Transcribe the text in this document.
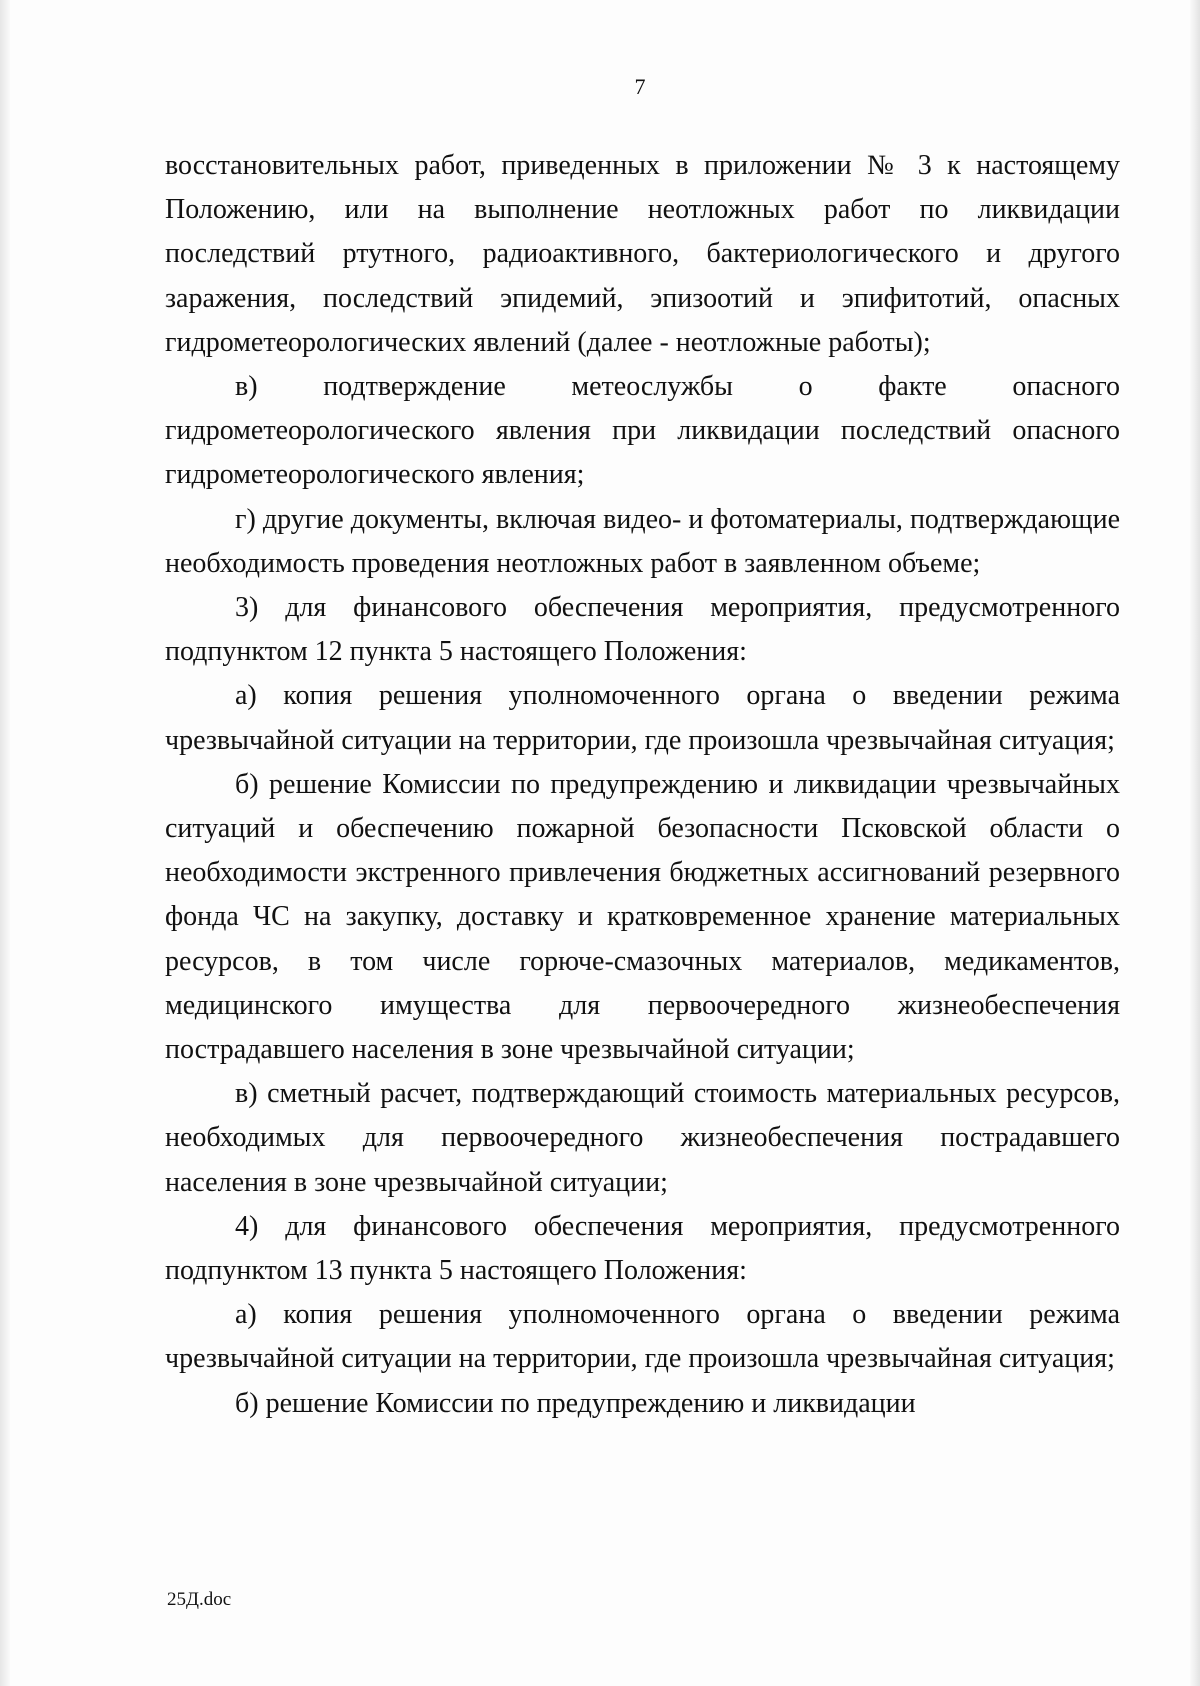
7

восстановительных работ, приведенных в приложении № 3 к настоящему Положению, или на выполнение неотложных работ по ликвидации последствий ртутного, радиоактивного, бактериологического и другого заражения, последствий эпидемий, эпизоотий и эпифитотий, опасных гидрометеорологических явлений (далее - неотложные работы);

в) подтверждение метеослужбы о факте опасного гидрометеорологического явления при ликвидации последствий опасного гидрометеорологического явления;

г) другие документы, включая видео- и фотоматериалы, подтверждающие необходимость проведения неотложных работ в заявленном объеме;

3) для финансового обеспечения мероприятия, предусмотренного подпунктом 12 пункта 5 настоящего Положения:

а) копия решения уполномоченного органа о введении режима чрезвычайной ситуации на территории, где произошла чрезвычайная ситуация;

б) решение Комиссии по предупреждению и ликвидации чрезвычайных ситуаций и обеспечению пожарной безопасности Псковской области о необходимости экстренного привлечения бюджетных ассигнований резервного фонда ЧС на закупку, доставку и кратковременное хранение материальных ресурсов, в том числе горюче-смазочных материалов, медикаментов, медицинского имущества для первоочередного жизнеобеспечения пострадавшего населения в зоне чрезвычайной ситуации;

в) сметный расчет, подтверждающий стоимость материальных ресурсов, необходимых для первоочередного жизнеобеспечения пострадавшего населения в зоне чрезвычайной ситуации;

4) для финансового обеспечения мероприятия, предусмотренного подпунктом 13 пункта 5 настоящего Положения:

а) копия решения уполномоченного органа о введении режима чрезвычайной ситуации на территории, где произошла чрезвычайная ситуация;

б) решение Комиссии по предупреждению и ликвидации

25Д.doc
